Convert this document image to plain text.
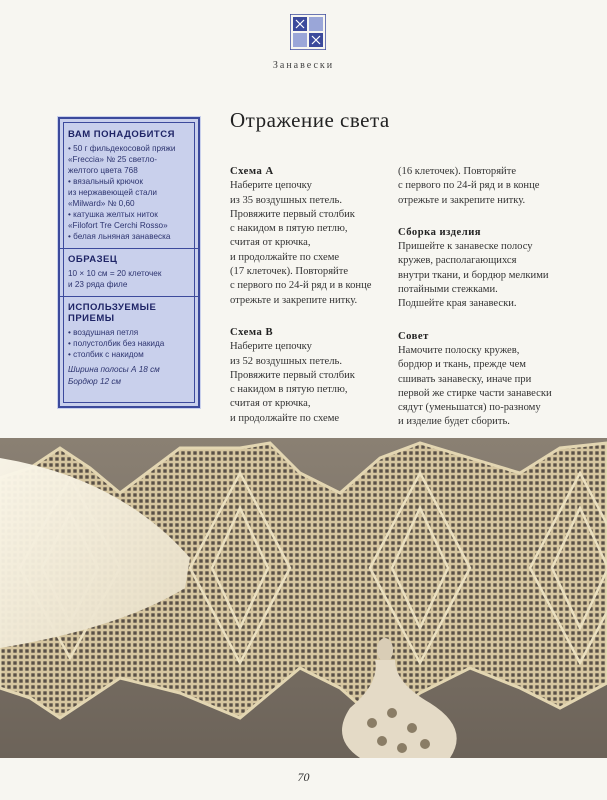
Занавески
ВАМ ПОНАДОБИТСЯ
• 50 г фильдекосовой пряжи
«Freccia» № 25 светло-
желтого цвета 768
• вязальный крючок
из нержавеющей стали
«Milward» № 0,60
• катушка желтых ниток
«Filofort Tre Cerchi Rosso»
• белая льняная занавеска
ОБРАЗЕЦ
10 × 10 см = 20 клеточек
и 23 ряда филе
ИСПОЛЬЗУЕМЫЕ ПРИЕМЫ
• воздушная петля
• полустолбик без накида
• столбик с накидом
Ширина полосы А 18 см
Бордюр 12 см
Отражение света
Схема А
Наберите цепочку
из 35 воздушных петель.
Провяжите первый столбик
с накидом в пятую петлю,
считая от крючка,
и продолжайте по схеме
(17 клеточек). Повторяйте
с первого по 24-й ряд и в конце
отрежьте и закрепите нитку.
Схема В
Наберите цепочку
из 52 воздушных петель.
Провяжите первый столбик
с накидом в пятую петлю,
считая от крючка,
и продолжайте по схеме
(16 клеточек). Повторяйте
с первого по 24-й ряд и в конце
отрежьте и закрепите нитку.
Сборка изделия
Пришейте к занавеске полосу
кружев, располагающихся
внутри ткани, и бордюр мелкими
потайными стежками.
Подшейте края занавески.
Совет
Намочите полоску кружев,
бордюр и ткань, прежде чем
сшивать занавеску, иначе при
первой же стирке части занавески
сядут (уменьшатся) по-разному
и изделие будет сборить.
70
